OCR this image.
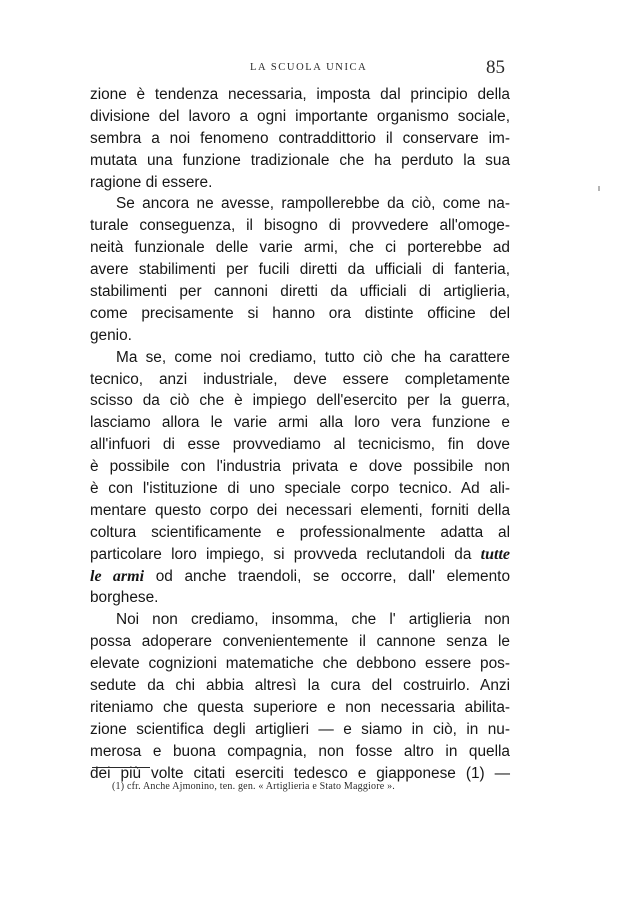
LA SCUOLA UNICA	85
zione è tendenza necessaria, imposta dal principio della
divisione del lavoro a ogni importante organismo sociale,
sembra a noi fenomeno contraddittorio il conservare im-
mutata una funzione tradizionale che ha perduto la sua
ragione di essere.
Se ancora ne avesse, rampollerebbe da ciò, come na-
turale conseguenza, il bisogno di provvedere all'omoge-
neità funzionale delle varie armi, che ci porterebbe ad
avere stabilimenti per fucili diretti da ufficiali di fanteria,
stabilimenti per cannoni diretti da ufficiali di artiglieria,
come precisamente si hanno ora distinte officine del
genio.
Ma se, come noi crediamo, tutto ciò che ha carattere
tecnico, anzi industriale, deve essere completamente
scisso da ciò che è impiego dell'esercito per la guerra,
lasciamo allora le varie armi alla loro vera funzione e
all'infuori di esse provvediamo al tecnicismo, fin dove
è possibile con l'industria privata e dove possibile non
è con l'istituzione di uno speciale corpo tecnico. Ad ali-
mentare questo corpo dei necessari elementi, forniti della
coltura scientificamente e professionalmente adatta al
particolare loro impiego, si provveda reclutandoli da tutte
le armi od anche traendoli, se occorre, dall' elemento
borghese.
Noi non crediamo, insomma, che l' artiglieria non
possa adoperare convenientemente il cannone senza le
elevate cognizioni matematiche che debbono essere pos-
sedute da chi abbia altresì la cura del costruirlo. Anzi
riteniamo che questa superiore e non necessaria abilita-
zione scientifica degli artiglieri — e siamo in ciò, in nu-
merosa e buona compagnia, non fosse altro in quella
dei più volte citati eserciti tedesco e giapponese (1) —
(1) cfr. Anche Ajmonino, ten. gen. « Artiglieria e Stato Maggiore ».
